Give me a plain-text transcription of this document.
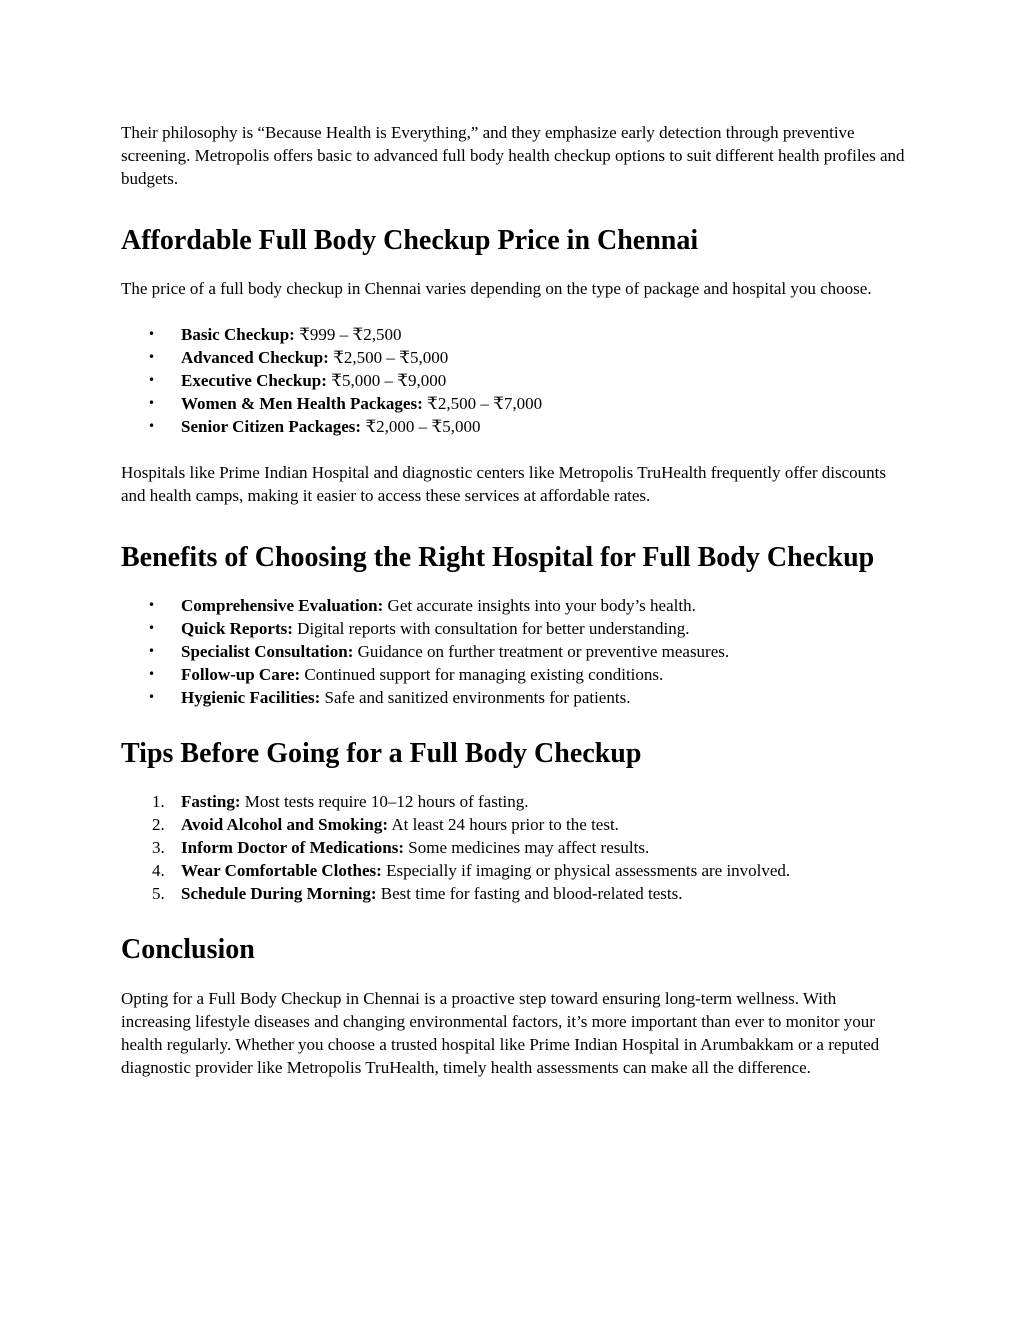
Their philosophy is “Because Health is Everything,” and they emphasize early detection through preventive screening. Metropolis offers basic to advanced full body health checkup options to suit different health profiles and budgets.

Affordable Full Body Checkup Price in Chennai

The price of a full body checkup in Chennai varies depending on the type of package and hospital you choose.

• Basic Checkup: ₹999 – ₹2,500
• Advanced Checkup: ₹2,500 – ₹5,000
• Executive Checkup: ₹5,000 – ₹9,000
• Women & Men Health Packages: ₹2,500 – ₹7,000
• Senior Citizen Packages: ₹2,000 – ₹5,000

Hospitals like Prime Indian Hospital and diagnostic centers like Metropolis TruHealth frequently offer discounts and health camps, making it easier to access these services at affordable rates.

Benefits of Choosing the Right Hospital for Full Body Checkup
• Comprehensive Evaluation: Get accurate insights into your body’s health.
• Quick Reports: Digital reports with consultation for better understanding.
• Specialist Consultation: Guidance on further treatment or preventive measures.
• Follow-up Care: Continued support for managing existing conditions.
• Hygienic Facilities: Safe and sanitized environments for patients.
Tips Before Going for a Full Body Checkup
1. Fasting: Most tests require 10–12 hours of fasting.
2. Avoid Alcohol and Smoking: At least 24 hours prior to the test.
3. Inform Doctor of Medications: Some medicines may affect results.
4. Wear Comfortable Clothes: Especially if imaging or physical assessments are involved.
5. Schedule During Morning: Best time for fasting and blood-related tests.
Conclusion

Opting for a Full Body Checkup in Chennai is a proactive step toward ensuring long-term wellness. With increasing lifestyle diseases and changing environmental factors, it’s more important than ever to monitor your health regularly. Whether you choose a trusted hospital like Prime Indian Hospital in Arumbakkam or a reputed diagnostic provider like Metropolis TruHealth, timely health assessments can make all the difference.
